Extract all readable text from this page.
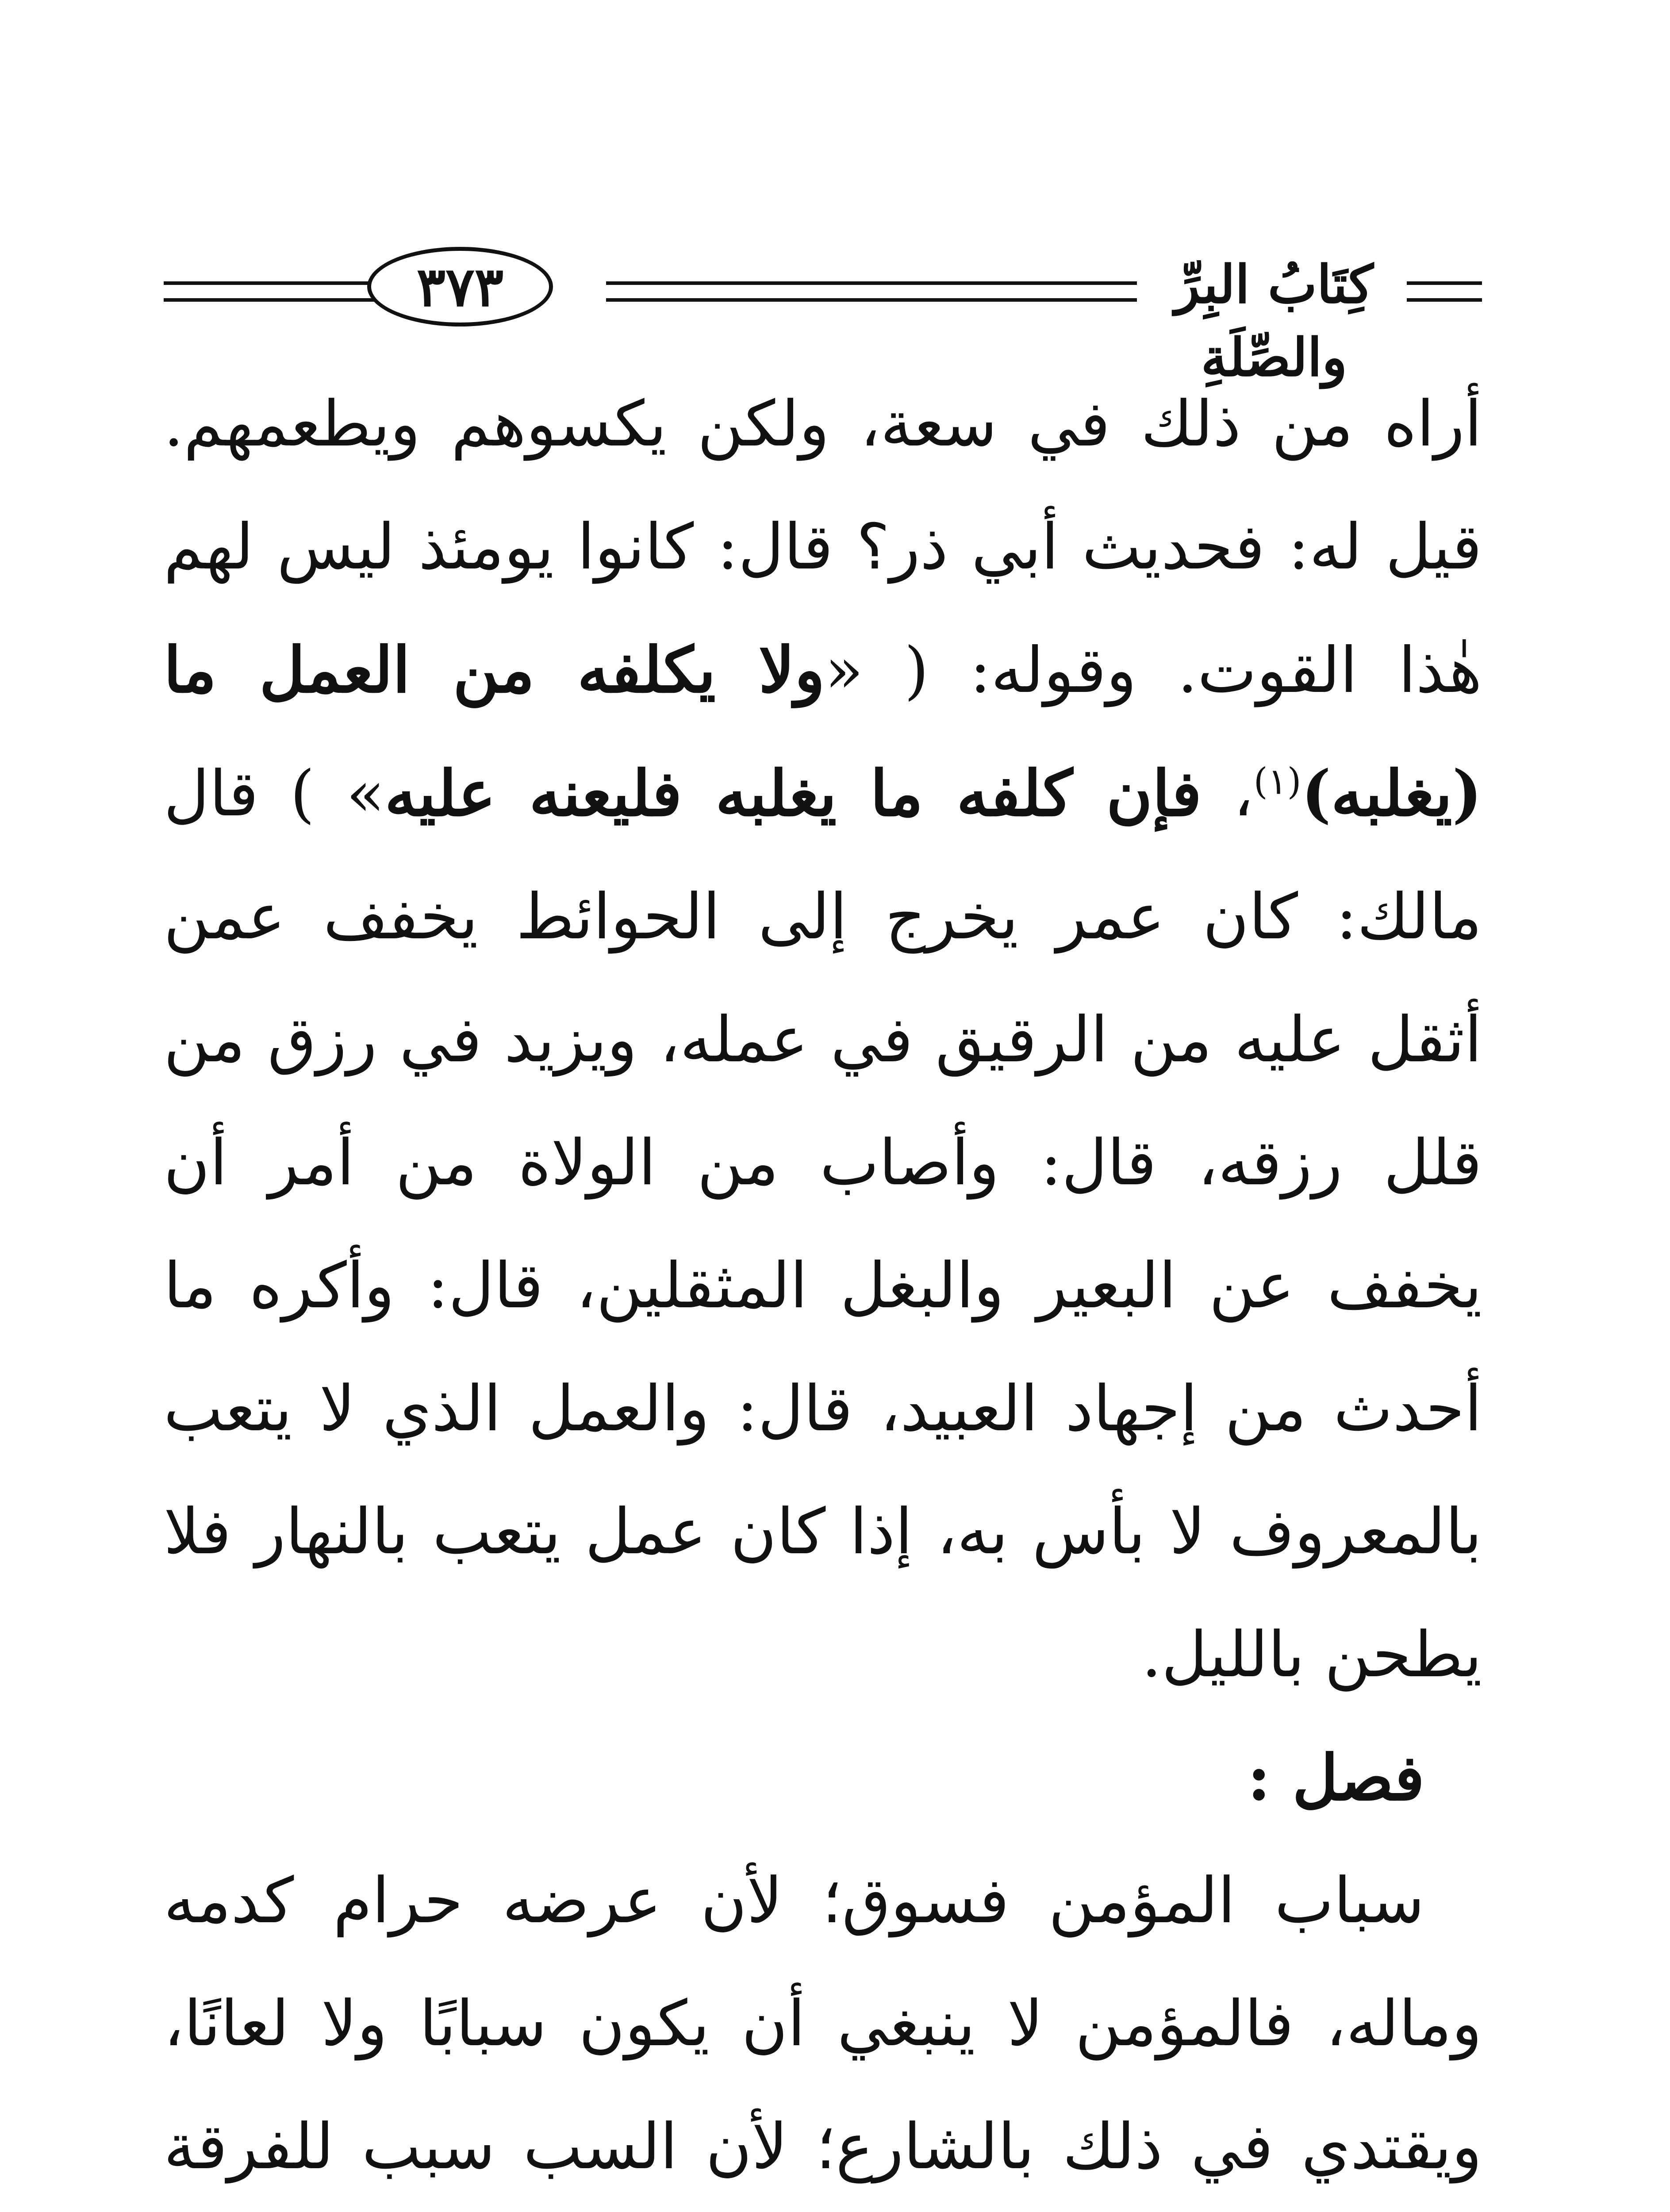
٣٧٣	كِتَابُ البِرِّ والصِّلَةِ

أراه من ذلك في سعة، ولكن يكسوهم ويطعمهم. قيل له: فحديث أبي ذر؟ قال: كانوا يومئذ ليس لهم هٰذا القوت. وقوله: ( «ولا يكلفه من العمل ما (يغلبه)$^{(١)}$، فإن كلفه ما يغلبه فليعنه عليه» ) قال مالك: كان عمر يخرج إلى الحوائط يخفف عمن أثقل عليه من الرقيق في عمله، ويزيد في رزق من قلل رزقه، قال: وأصاب من الولاة من أمر أن يخفف عن البعير والبغل المثقلين، قال: وأكره ما أحدث من إجهاد العبيد، قال: والعمل الذي لا يتعب بالمعروف لا بأس به، إذا كان عمل يتعب بالنهار فلا يطحن بالليل.

فصل :

سباب المؤمن فسوق؛ لأن عرضه حرام كدمه وماله، فالمؤمن لا ينبغي أن يكون سبابًا ولا لعانًا، ويقتدي في ذلك بالشارع؛ لأن السب سبب للفرقة
